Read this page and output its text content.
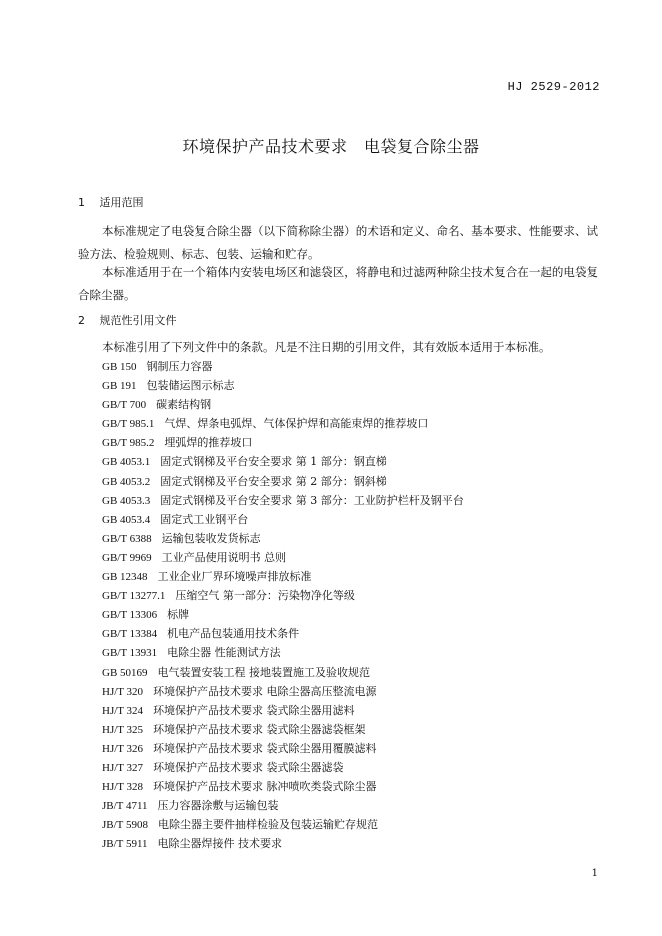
HJ 2529-2012
环境保护产品技术要求　电袋复合除尘器
1 适用范围

本标准规定了电袋复合除尘器（以下简称除尘器）的术语和定义、命名、基本要求、性能要求、试验方法、检验规则、标志、包装、运输和贮存。

本标准适用于在一个箱体内安装电场区和滤袋区，将静电和过滤两种除尘技术复合在一起的电袋复合除尘器。

2 规范性引用文件
本标准引用了下列文件中的条款。凡是不注日期的引用文件，其有效版本适用于本标准。
GB 150 钢制压力容器
GB 191 包装储运图示标志
GB/T 700 碳素结构钢
GB/T 985.1 气焊、焊条电弧焊、气体保护焊和高能束焊的推荐坡口
GB/T 985.2 埋弧焊的推荐坡口
GB 4053.1 固定式钢梯及平台安全要求 第 1 部分：钢直梯
GB 4053.2 固定式钢梯及平台安全要求 第 2 部分：钢斜梯
GB 4053.3 固定式钢梯及平台安全要求 第 3 部分：工业防护栏杆及钢平台
GB 4053.4 固定式工业钢平台
GB/T 6388 运输包装收发货标志
GB/T 9969 工业产品使用说明书 总则
GB 12348 工业企业厂界环境噪声排放标准
GB/T 13277.1 压缩空气 第一部分：污染物净化等级
GB/T 13306 标牌
GB/T 13384 机电产品包装通用技术条件
GB/T 13931 电除尘器 性能测试方法
GB 50169 电气装置安装工程 接地装置施工及验收规范
HJ/T 320 环境保护产品技术要求 电除尘器高压整流电源
HJ/T 324 环境保护产品技术要求 袋式除尘器用滤料
HJ/T 325 环境保护产品技术要求 袋式除尘器滤袋框架
HJ/T 326 环境保护产品技术要求 袋式除尘器用覆膜滤料
HJ/T 327 环境保护产品技术要求 袋式除尘器滤袋
HJ/T 328 环境保护产品技术要求 脉冲喷吹类袋式除尘器
JB/T 4711 压力容器涂敷与运输包装
JB/T 5908 电除尘器主要件抽样检验及包装运输贮存规范
JB/T 5911 电除尘器焊接件 技术要求
1
